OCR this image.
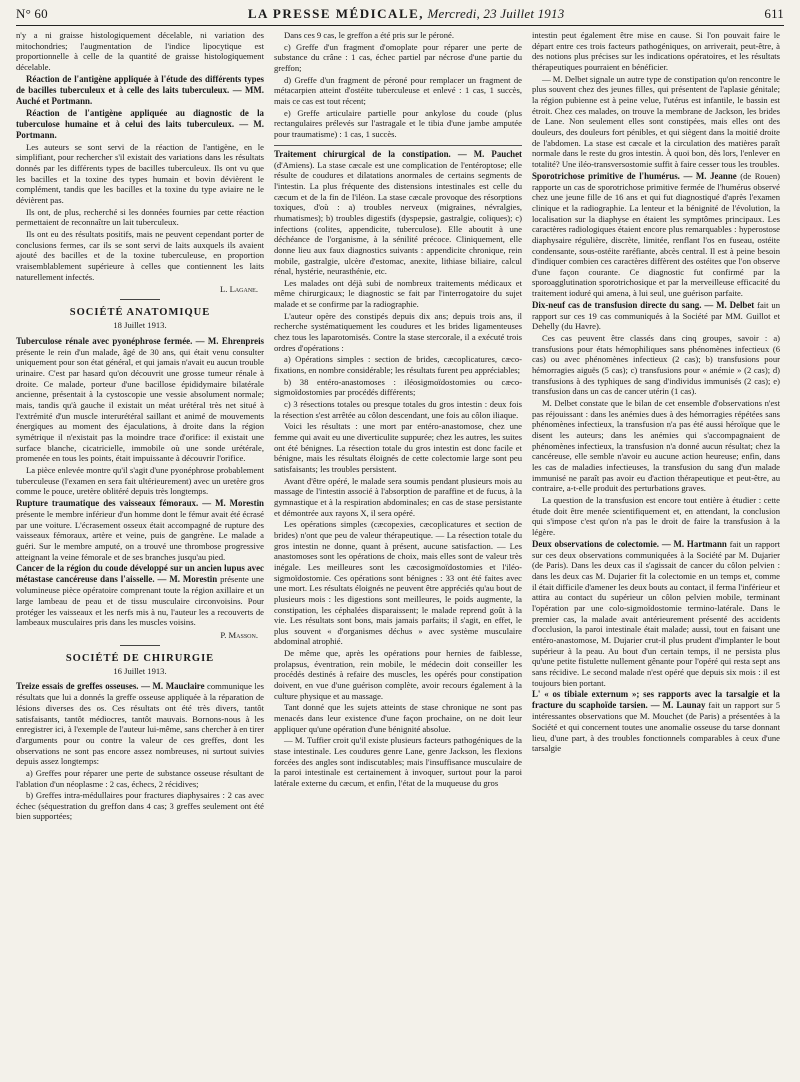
N° 60	LA PRESSE MÉDICALE, Mercredi, 23 Juillet 1913	611

n'y a ni graisse histologiquement décelable, ni variation des mitochondries; l'augmentation de l'indice lipocytique est proportionnelle à celle de la quantité de graisse histologiquement décelable.

Réaction de l'antigène appliquée à l'étude des différents types de bacilles tuberculeux et à celle des laits tuberculeux. — MM. Auché et Portmann.

Réaction de l'antigène appliquée au diagnostic de la tuberculose humaine et à celui des laits tuberculeux. — M. Portmann.

Les auteurs se sont servi de la réaction de l'antigène, en le simplifiant, pour rechercher s'il existait des variations dans les résultats donnés par les différents types de bacilles tuberculeux. Ils ont vu que les bacilles et la toxine des types humain et bovin dévièrent le complément, tandis que les bacilles et la toxine du type aviaire ne le dévièrent pas.

Ils ont, de plus, recherché si les données fournies par cette réaction permettaient de reconnaître un lait tuberculeux.

Ils ont eu des résultats positifs, mais ne peuvent cependant porter de conclusions fermes, car ils se sont servi de laits auxquels ils avaient ajouté des bacilles et de la toxine tuberculeuse, en proportion vraisemblablement supérieure à celles que contiennent les laits naturellement infectés.

L. Lagane.
SOCIÉTÉ ANATOMIQUE
18 Juillet 1913.

Tuberculose rénale avec pyonéphrose fermée. — M. Ehrenpreis présente le rein d'un malade, âgé de 30 ans, qui était venu consulter uniquement pour son état général, et qui jamais n'avait eu aucun trouble urinaire. C'est par hasard qu'on découvrit une grosse tumeur rénale à droite. Ce malade, porteur d'une bacillose épididymaire bilatérale ancienne, présentait à la cystoscopie une vessie absolument normale; mais, tandis qu'à gauche il existait un méat urétéral très net situé à l'extrémité d'un muscle interurétéral saillant et animé de mouvements énergiques au moment des éjaculations, à droite dans la région symétrique il n'existait pas la moindre trace d'orifice: il existait une surface blanche, cicatricielle, immobile où une sonde urétérale, promenée en tous les points, était impuissante à découvrir l'orifice.

La pièce enlevée montre qu'il s'agit d'une pyonéphrose probablement tuberculeuse (l'examen en sera fait ultérieurement) avec un uretère gros comme le pouce, uretère oblitéré depuis très longtemps.

Rupture traumatique des vaisseaux fémoraux. — M. Morestin présente le membre inférieur d'un homme dont le fémur avait été écrasé par une voiture. L'écrasement osseux était accompagné de rupture des vaisseaux fémoraux, artère et veine, puis de gangrène. Le malade a guéri. Sur le membre amputé, on a trouvé une thrombose progressive atteignant la veine fémorale et de ses branches jusqu'au pied.

Cancer de la région du coude développé sur un ancien lupus avec métastase cancéreuse dans l'aisselle. — M. Morestin présente une volumineuse pièce opératoire comprenant toute la région axillaire et un large lambeau de peau et de tissu musculaire circonvoisins. Pour protéger les vaisseaux et les nerfs mis à nu, l'auteur les a recouverts de lambeaux musculaires pris dans les muscles voisins.

P. Masson.
SOCIÉTÉ DE CHIRURGIE
16 Juillet 1913.

Treize essais de greffes osseuses. — M. Mauclaire communique les résultats que lui a donnés la greffe osseuse appliquée à la réparation de lésions diverses des os. Ces résultats ont été très divers, tantôt satisfaisants, tantôt médiocres, tantôt mauvais. Bornons-nous à les enregistrer ici, à l'exemple de l'auteur lui-même, sans chercher à en tirer d'arguments pour ou contre la valeur de ces greffes, dont les observations ne sont pas encore assez nombreuses, ni surtout suivies depuis assez longtemps:

a) Greffes pour réparer une perte de substance osseuse résultant de l'ablation d'un néoplasme : 2 cas, échecs, 2 récidives;

b) Greffes intra-médullaires pour fractures diaphysaires : 2 cas avec échec (séquestration du greffon dans 4 cas; 3 greffes seulement ont été bien supportées;

Dans ces 9 cas, le greffon a été pris sur le péroné.

c) Greffe d'un fragment d'omoplate pour réparer une perte de substance du crâne : 1 cas, échec partiel par nécrose d'une partie du greffon;

d) Greffe d'un fragment de péroné pour remplacer un fragment de métacarpien atteint d'ostéite tuberculeuse et enlevé : 1 cas, 1 succès, mais ce cas est tout récent;

e) Greffe articulaire partielle pour ankylose du coude (plus rectangulaires prélevés sur l'astragale et le tibia d'une jambe amputée pour traumatisme) : 1 cas, 1 succès.

Traitement chirurgical de la constipation. — M. Pauchet (d'Amiens). La stase cæcale est une complication de l'entéroptose; elle résulte de coudures et dilatations anormales de certains segments de l'intestin. La plus fréquente des distensions intestinales est celle du cæcum et de la fin de l'iléon. La stase cæcale provoque des résorptions toxiques, d'où : a) troubles nerveux (migraines, névralgies, rhumatismes); b) troubles digestifs (dyspepsie, gastralgie, coliques); c) infections (colites, appendicite, tuberculose). Elle aboutit à une déchéance de l'organisme, à la sénilité précoce. Cliniquement, elle donne lieu aux faux diagnostics suivants : appendicite chronique, rein mobile, gastralgie, ulcère d'estomac, anexite, lithiase biliaire, calcul rénal, hystérie, neurasthénie, etc.

Les malades ont déjà subi de nombreux traitements médicaux et même chirurgicaux; le diagnostic se fait par l'interrogatoire du sujet malade et se confirme par la radiographie.

L'auteur opère des constipés depuis dix ans; depuis trois ans, il recherche systématiquement les coudures et les brides ligamenteuses chez tous les laparotomisés. Contre la stase stercorale, il a exécuté trois ordres d'opérations :

a) Opérations simples : section de brides, cæcoplicatures, cæco-fixations, en nombre considérable; les résultats furent peu appréciables;

b) 38 entéro-anastomoses : iléosigmoïdostomies ou cæco-sigmoïdostomies par procédés différents;

c) 3 résections totales ou presque totales du gros intestin : deux fois la résection s'est arrêtée au côlon descendant, une fois au côlon iliaque.

Voici les résultats : une mort par entéro-anastomose, chez une femme qui avait eu une diverticulite suppurée; chez les autres, les suites ont été bénignes. La résection totale du gros intestin est donc facile et bénigne, mais les résultats éloignés de cette colectomie large sont peu satisfaisants; les troubles persistent.

Avant d'être opéré, le malade sera soumis pendant plusieurs mois au massage de l'intestin associé à l'absorption de paraffine et de fucus, à la gymnastique et à la respiration abdominales; en cas de stase persistante et démontrée aux rayons X, il sera opéré.

Les opérations simples (cæcopexies, cæcoplicatures et section de brides) n'ont que peu de valeur thérapeutique. — La résection totale du gros intestin ne donne, quant à présent, aucune satisfaction. — Les anastomoses sont les opérations de choix, mais elles sont de valeur très inégale. Les meilleures sont les cæcosigmoïdostomies et l'iléo-sigmoïdostomie. Ces opérations sont bénignes : 33 ont été faites avec une mort. Les résultats éloignés ne peuvent être appréciés qu'au bout de plusieurs mois : les digestions sont meilleures, le poids augmente, la constipation, les céphalées disparaissent; le malade reprend goût à la vie. Les résultats sont bons, mais jamais parfaits; il s'agit, en effet, le plus souvent « d'organismes déchus » avec système musculaire abdominal atrophié.

De même que, après les opérations pour hernies de faiblesse, prolapsus, éventration, rein mobile, le médecin doit conseiller les procédés destinés à refaire des muscles, les opérés pour constipation doivent, en vue d'une guérison complète, avoir recours également à la culture physique et au massage.

Tant donné que les sujets atteints de stase chronique ne sont pas menacés dans leur existence d'une façon prochaine, on ne doit leur appliquer qu'une opération d'une bénignité absolue.

— M. Tuffier croit qu'il existe plusieurs facteurs pathogéniques de la stase intestinale. Les coudures genre Lane, genre Jackson, les flexions forcées des angles sont indiscutables; mais l'insuffisance musculaire de la paroi intestinale est certainement à invoquer, surtout pour la paroi latérale externe du cæcum, et enfin, l'état de la muqueuse du gros

intestin peut également être mise en cause. Si l'on pouvait faire le départ entre ces trois facteurs pathogéniques, on arriverait, peut-être, à des notions plus précises sur les indications opératoires, et les résultats thérapeutiques pourraient en bénéficier.

— M. Delbet signale un autre type de constipation qu'on rencontre le plus souvent chez des jeunes filles, qui présentent de l'aplasie génitale; la région pubienne est à peine velue, l'utérus est infantile, le bassin est étroit. Chez ces malades, on trouve la membrane de Jackson, les brides de Lane. Non seulement elles sont constipées, mais elles ont des douleurs, des douleurs fort pénibles, et qui siègent dans la moitié droite de l'abdomen. La stase est cæcale et la circulation des matières paraît normale dans le reste du gros intestin. À quoi bon, dès lors, l'enlever en totalité? Une iléo-transversostomie suffit à faire cesser tous les troubles.

Sporotrichose primitive de l'humérus. — M. Jeanne (de Rouen) rapporte un cas de sporotrichose primitive fermée de l'humérus observé chez une jeune fille de 16 ans et qui fut diagnostiqué d'après l'examen clinique et la radiographie. La lenteur et la bénignité de l'évolution, la localisation sur la diaphyse en étaient les symptômes principaux. Les caractères radiologiques étaient encore plus remarquables : hyperostose diaphysaire régulière, discrète, limitée, renflant l'os en fuseau, ostéite condensante, sous-ostéite raréfiante, abcès central. Il est à peine besoin d'indiquer combien ces caractères diffèrent des ostéites que l'on observe d'une façon courante. Ce diagnostic fut confirmé par la sporoagglutination sporotrichosique et par la merveilleuse efficacité du traitement ioduré qui amena, à lui seul, une guérison parfaite.

Dix-neuf cas de transfusion directe du sang. — M. Delbet fait un rapport sur ces 19 cas communiqués à la Société par MM. Guillot et Dehelly (du Havre).

Ces cas peuvent être classés dans cinq groupes, savoir : a) transfusions pour états hémophiliques sans phénomènes infectieux (6 cas) ou avec phénomènes infectieux (2 cas); b) transfusions pour hémorragies aiguës (5 cas); c) transfusions pour « anémie » (2 cas); d) transfusions à des typhiques de sang d'individus immunisés (2 cas); e) transfusion dans un cas de cancer utérin (1 cas).

M. Delbet constate que le bilan de cet ensemble d'observations n'est pas réjouissant : dans les anémies dues à des hémorragies répétées sans phénomènes infectieux, la transfusion n'a pas été aussi héroïque que le disent les auteurs; dans les anémies qui s'accompagnaient de phénomènes infectieux, la transfusion n'a donné aucun résultat; chez la cancéreuse, elle semble n'avoir eu aucune action heureuse; enfin, dans les cas de maladies infectieuses, la transfusion du sang d'un malade immunisé ne paraît pas avoir eu d'action thérapeutique et peut-être, au contraire, a-t-elle produit des perturbations graves.

La question de la transfusion est encore tout entière à étudier : cette étude doit être menée scientifiquement et, en attendant, la conclusion qui s'impose c'est qu'on n'a pas le droit de faire la transfusion à la légère.

Deux observations de colectomie. — M. Hartmann fait un rapport sur ces deux observations communiquées à la Société par M. Dujarier (de Paris). Dans les deux cas il s'agissait de cancer du côlon pelvien : dans les deux cas M. Dujarier fit la colectomie en un temps et, comme il était difficile d'amener les deux bouts au contact, il ferma l'inférieur et attira au contact du supérieur un côlon pelvien mobile, terminant l'opération par une colo-sigmoïdostomie termino-latérale. Dans le premier cas, la malade avait antérieurement présenté des accidents d'occlusion, la paroi intestinale était malade; aussi, tout en faisant une entéro-anastomose, M. Dujarier crut-il plus prudent d'implanter le bout supérieur à la peau. Au bout d'un certain temps, il ne persista plus qu'une petite fistulette nullement gênante pour l'opéré qui resta sept ans sans récidive. Le second malade n'est opéré que depuis six mois : il est toujours bien portant.

L' « os tibiale externum »; ses rapports avec la tarsalgie et la fracture du scaphoïde tarsien. — M. Launay fait un rapport sur 5 intéressantes observations que M. Mouchet (de Paris) a présentées à la Société et qui concernent toutes une anomalie osseuse du tarse donnant lieu, d'une part, à des troubles fonctionnels comparables à ceux d'une tarsalgie
